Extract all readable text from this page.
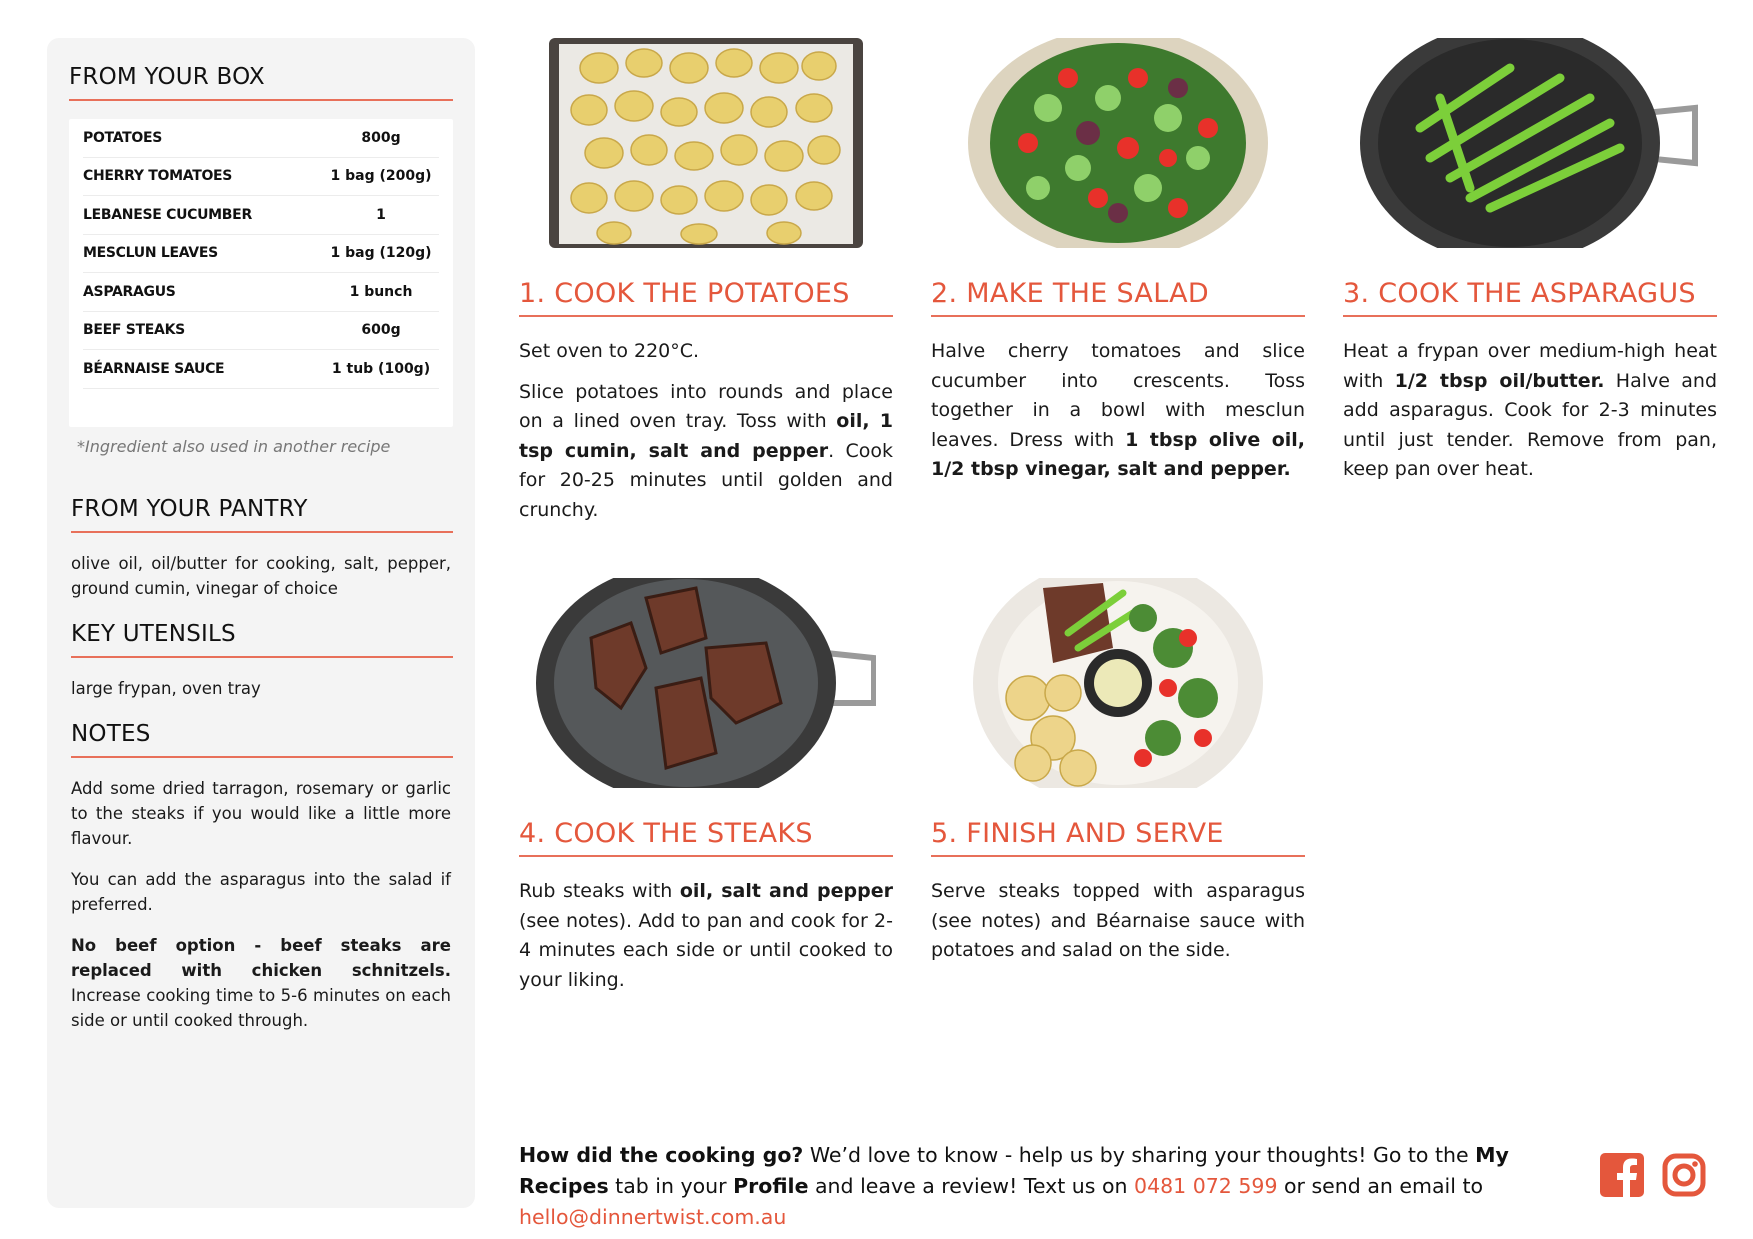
FROM YOUR BOX
POTATOES	800g
CHERRY TOMATOES	1 bag (200g)
LEBANESE CUCUMBER	1
MESCLUN LEAVES	1 bag (120g)
ASPARAGUS	1 bunch
BEEF STEAKS	600g
BÉARNAISE SAUCE	1 tub (100g)
*Ingredient also used in another recipe
FROM YOUR PANTRY

olive oil, oil/butter for cooking, salt, pepper, ground cumin, vinegar of choice

KEY UTENSILS

large frypan, oven tray

NOTES

Add some dried tarragon, rosemary or garlic to the steaks if you would like a little more flavour.

You can add the asparagus into the salad if preferred.

No beef option - beef steaks are replaced with chicken schnitzels. Increase cooking time to 5-6 minutes on each side or until cooked through.

1. COOK THE POTATOES

Set oven to 220°C.

Slice potatoes into rounds and place on a lined oven tray. Toss with oil, 1 tsp cumin, salt and pepper. Cook for 20-25 minutes until golden and crunchy.

2. MAKE THE SALAD

Halve cherry tomatoes and slice cucumber into crescents. Toss together in a bowl with mesclun leaves. Dress with 1 tbsp olive oil, 1/2 tbsp vinegar, salt and pepper.

3. COOK THE ASPARAGUS

Heat a frypan over medium-high heat with 1/2 tbsp oil/butter. Halve and add asparagus. Cook for 2-3 minutes until just tender. Remove from pan, keep pan over heat.

4. COOK THE STEAKS

Rub steaks with oil, salt and pepper (see notes). Add to pan and cook for 2-4 minutes each side or until cooked to your liking.

5. FINISH AND SERVE

Serve steaks topped with asparagus (see notes) and Béarnaise sauce with potatoes and salad on the side.

How did the cooking go? We’d love to know - help us by sharing your thoughts! Go to the My Recipes tab in your Profile and leave a review! Text us on 0481 072 599 or send an email to hello@dinnertwist.com.au
